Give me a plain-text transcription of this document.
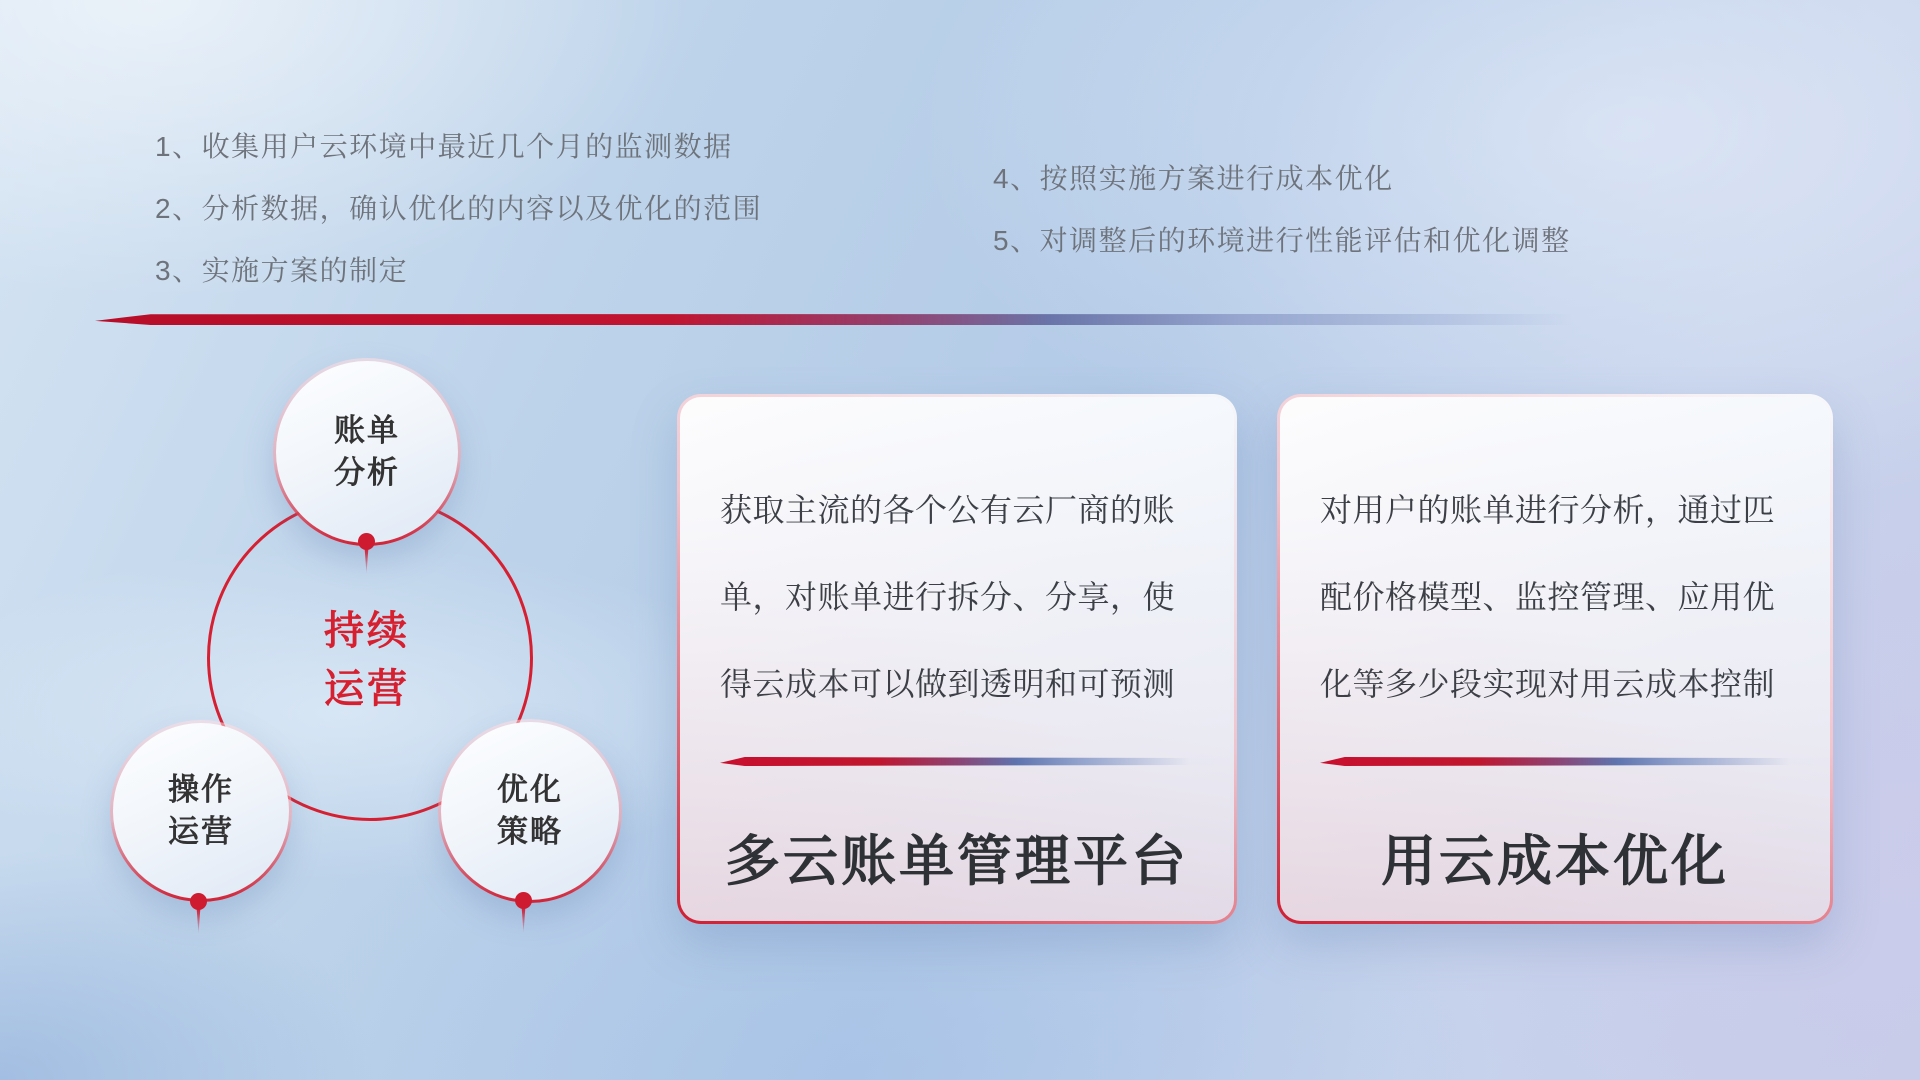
1、收集用户云环境中最近几个月的监测数据
2、分析数据，确认优化的内容以及优化的范围
3、实施方案的制定
4、按照实施方案进行成本优化
5、对调整后的环境进行性能评估和优化调整
持续
运营
账单
分析
操作
运营
优化
策略
获取主流的各个公有云厂商的账
单，对账单进行拆分、分享，使
得云成本可以做到透明和可预测
多云账单管理平台
对用户的账单进行分析，通过匹
配价格模型、监控管理、应用优
化等多少段实现对用云成本控制
用云成本优化
